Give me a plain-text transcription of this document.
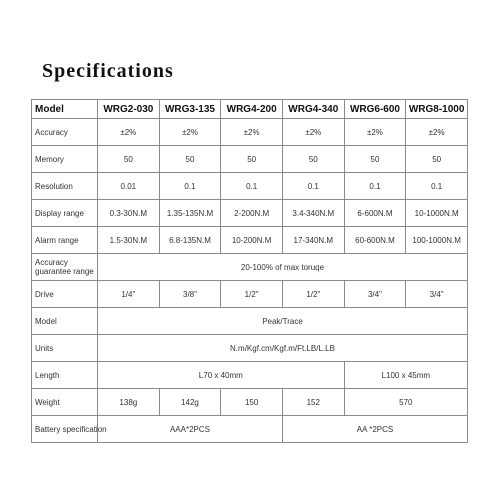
Specifications
Model	WRG2-030	WRG3-135	WRG4-200	WRG4-340	WRG6-600	WRG8-1000
Accuracy	±2%	±2%	±2%	±2%	±2%	±2%
Memory	50	50	50	50	50	50
Resolution	0.01	0.1	0.1	0.1	0.1	0.1
Display range	0.3-30N.M	1.35-135N.M	2-200N.M	3.4-340N.M	6-600N.M	10-1000N.M
Alarm range	1.5-30N.M	6.8-135N.M	10-200N.M	17-340N.M	60-600N.M	100-1000N.M
Accuracy guarantee range	20-100% of max toruqe					
Drive	1/4"	3/8"	1/2"	1/2"	3/4"	3/4"
Model	Peak/Trace					
Units	N.m/Kgf.cm/Kgf.m/Ft.LB/L.LB					
Length	L70 x 40mm				L100 x 45mm	
Weight	138g	142g	150	152	570	
Battery specification	AAA*2PCS			AA *2PCS		
